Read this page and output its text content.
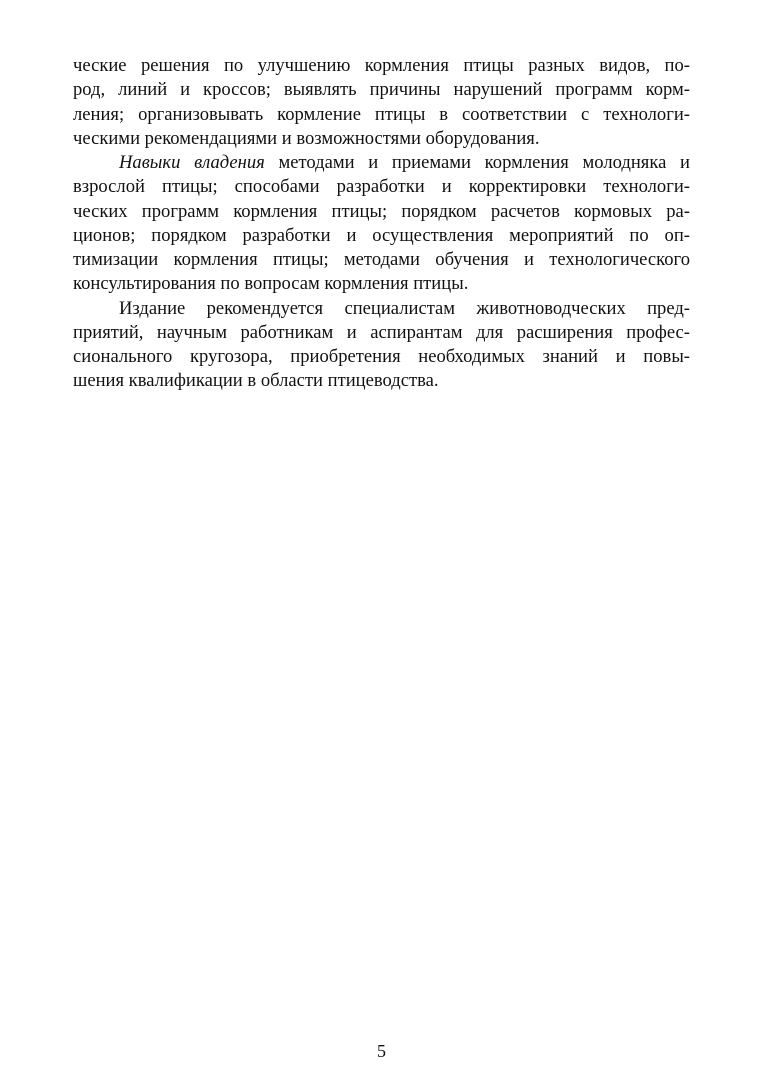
ческие решения по улучшению кормления птицы разных видов, по-
род, линий и кроссов; выявлять причины нарушений программ корм-
ления; организовывать кормление птицы в соответствии с технологи-
ческими рекомендациями и возможностями оборудования.
Навыки владения методами и приемами кормления молодняка и
взрослой птицы; способами разработки и корректировки технологи-
ческих программ кормления птицы; порядком расчетов кормовых ра-
ционов; порядком разработки и осуществления мероприятий по оп-
тимизации кормления птицы; методами обучения и технологического
консультирования по вопросам кормления птицы.
Издание рекомендуется специалистам животноводческих пред-
приятий, научным работникам и аспирантам для расширения профес-
сионального кругозора, приобретения необходимых знаний и повы-
шения квалификации в области птицеводства.
5
